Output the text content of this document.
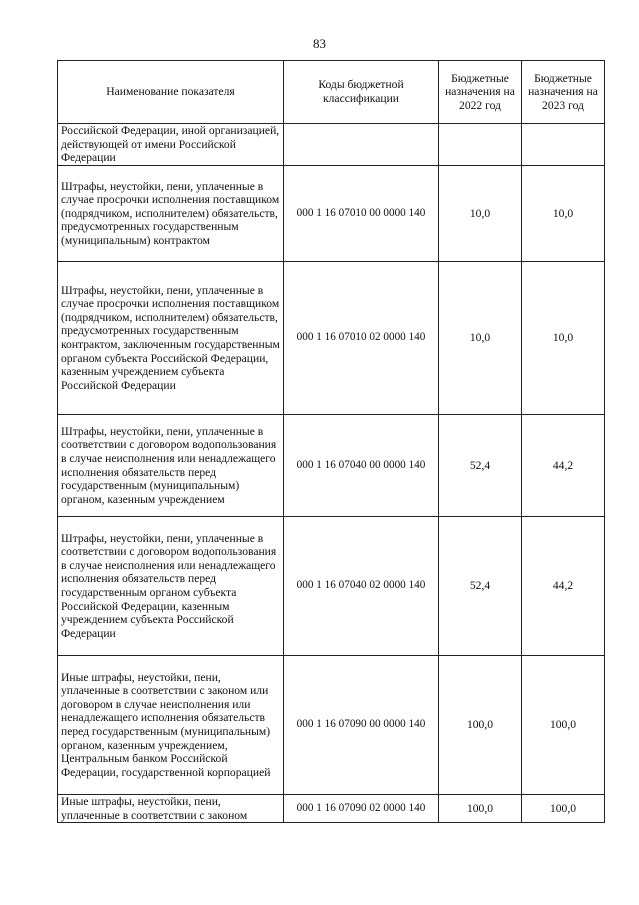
83
Наименование показателя	Коды бюджетной классификации	Бюджетные назначения на 2022 год	Бюджетные назначения на 2023 год
Российской Федерации, иной организацией, действующей от имени Российской Федерации			
Штрафы, неустойки, пени, уплаченные в случае просрочки исполнения поставщиком (подрядчиком, исполнителем) обязательств, предусмотренных государственным (муниципальным) контрактом	000 1 16 07010 00 0000 140	10,0	10,0
Штрафы, неустойки, пени, уплаченные в случае просрочки исполнения поставщиком (подрядчиком, исполнителем) обязательств, предусмотренных государственным контрактом, заключенным государственным органом субъекта Российской Федерации, казенным учреждением субъекта Российской Федерации	000 1 16 07010 02 0000 140	10,0	10,0
Штрафы, неустойки, пени, уплаченные в соответствии с договором водопользования в случае неисполнения или ненадлежащего исполнения обязательств перед государственным (муниципальным) органом, казенным учреждением	000 1 16 07040 00 0000 140	52,4	44,2
Штрафы, неустойки, пени, уплаченные в соответствии с договором водопользования в случае неисполнения или ненадлежащего исполнения обязательств перед государственным органом субъекта Российской Федерации, казенным учреждением субъекта Российской Федерации	000 1 16 07040 02 0000 140	52,4	44,2
Иные штрафы, неустойки, пени, уплаченные в соответствии с законом или договором в случае неисполнения или ненадлежащего исполнения обязательств перед государственным (муниципальным) органом, казенным учреждением, Центральным банком Российской Федерации, государственной корпорацией	000 1 16 07090 00 0000 140	100,0	100,0
Иные штрафы, неустойки, пени, уплаченные в соответствии с законом	000 1 16 07090 02 0000 140	100,0	100,0
